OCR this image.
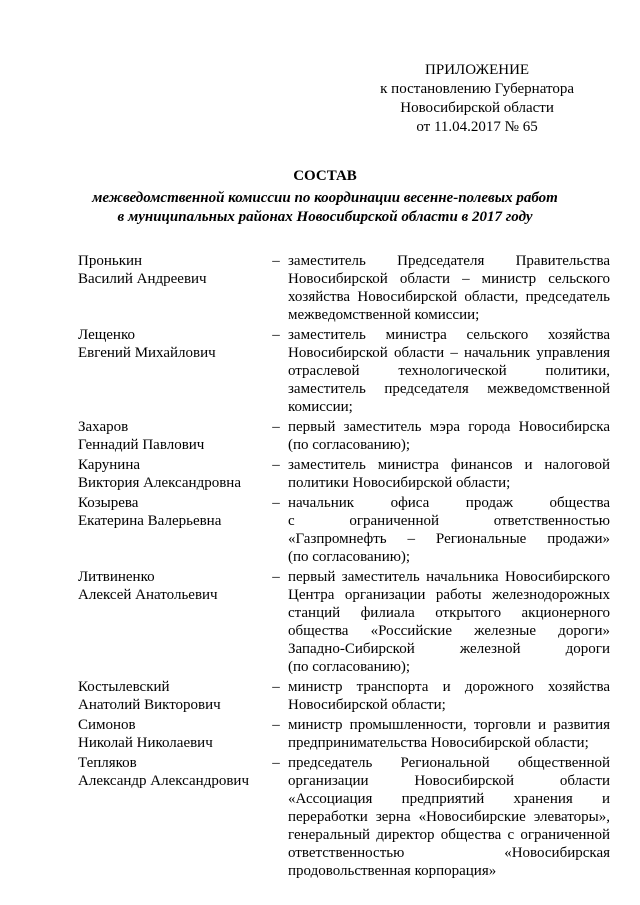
ПРИЛОЖЕНИЕ
к постановлению Губернатора
Новосибирской области
от 11.04.2017 № 65
СОСТАВ
межведомственной комиссии по координации весенне-полевых работ
в муниципальных районах Новосибирской области в 2017 году
Пронькин
Василий Андреевич
– заместитель Председателя Правительства
Новосибирской области – министр сельского
хозяйства Новосибирской области, председатель
межведомственной комиссии;
Лещенко
Евгений Михайлович
– заместитель министра сельского хозяйства
Новосибирской области – начальник управления
отраслевой технологической политики,
заместитель председателя межведомственной
комиссии;
Захаров
Геннадий Павлович
– первый заместитель мэра города Новосибирска
(по согласованию);
Карунина
Виктория Александровна
– заместитель министра финансов и налоговой
политики Новосибирской области;
Козырева
Екатерина Валерьевна
– начальник офиса продаж общества
с ограниченной ответственностью
«Газпромнефть – Региональные продажи»
(по согласованию);
Литвиненко
Алексей Анатольевич
– первый заместитель начальника Новосибирского
Центра организации работы железнодорожных
станций филиала открытого акционерного
общества «Российские железные дороги»
Западно-Сибирской железной дороги
(по согласованию);
Костылевский
Анатолий Викторович
– министр транспорта и дорожного хозяйства
Новосибирской области;
Симонов
Николай Николаевич
– министр промышленности, торговли и развития
предпринимательства Новосибирской области;
Тепляков
Александр Александрович
– председатель Региональной общественной
организации Новосибирской области
«Ассоциация предприятий хранения и
переработки зерна «Новосибирские элеваторы»,
генеральный директор общества с ограниченной
ответственностью «Новосибирская
продовольственная корпорация»
